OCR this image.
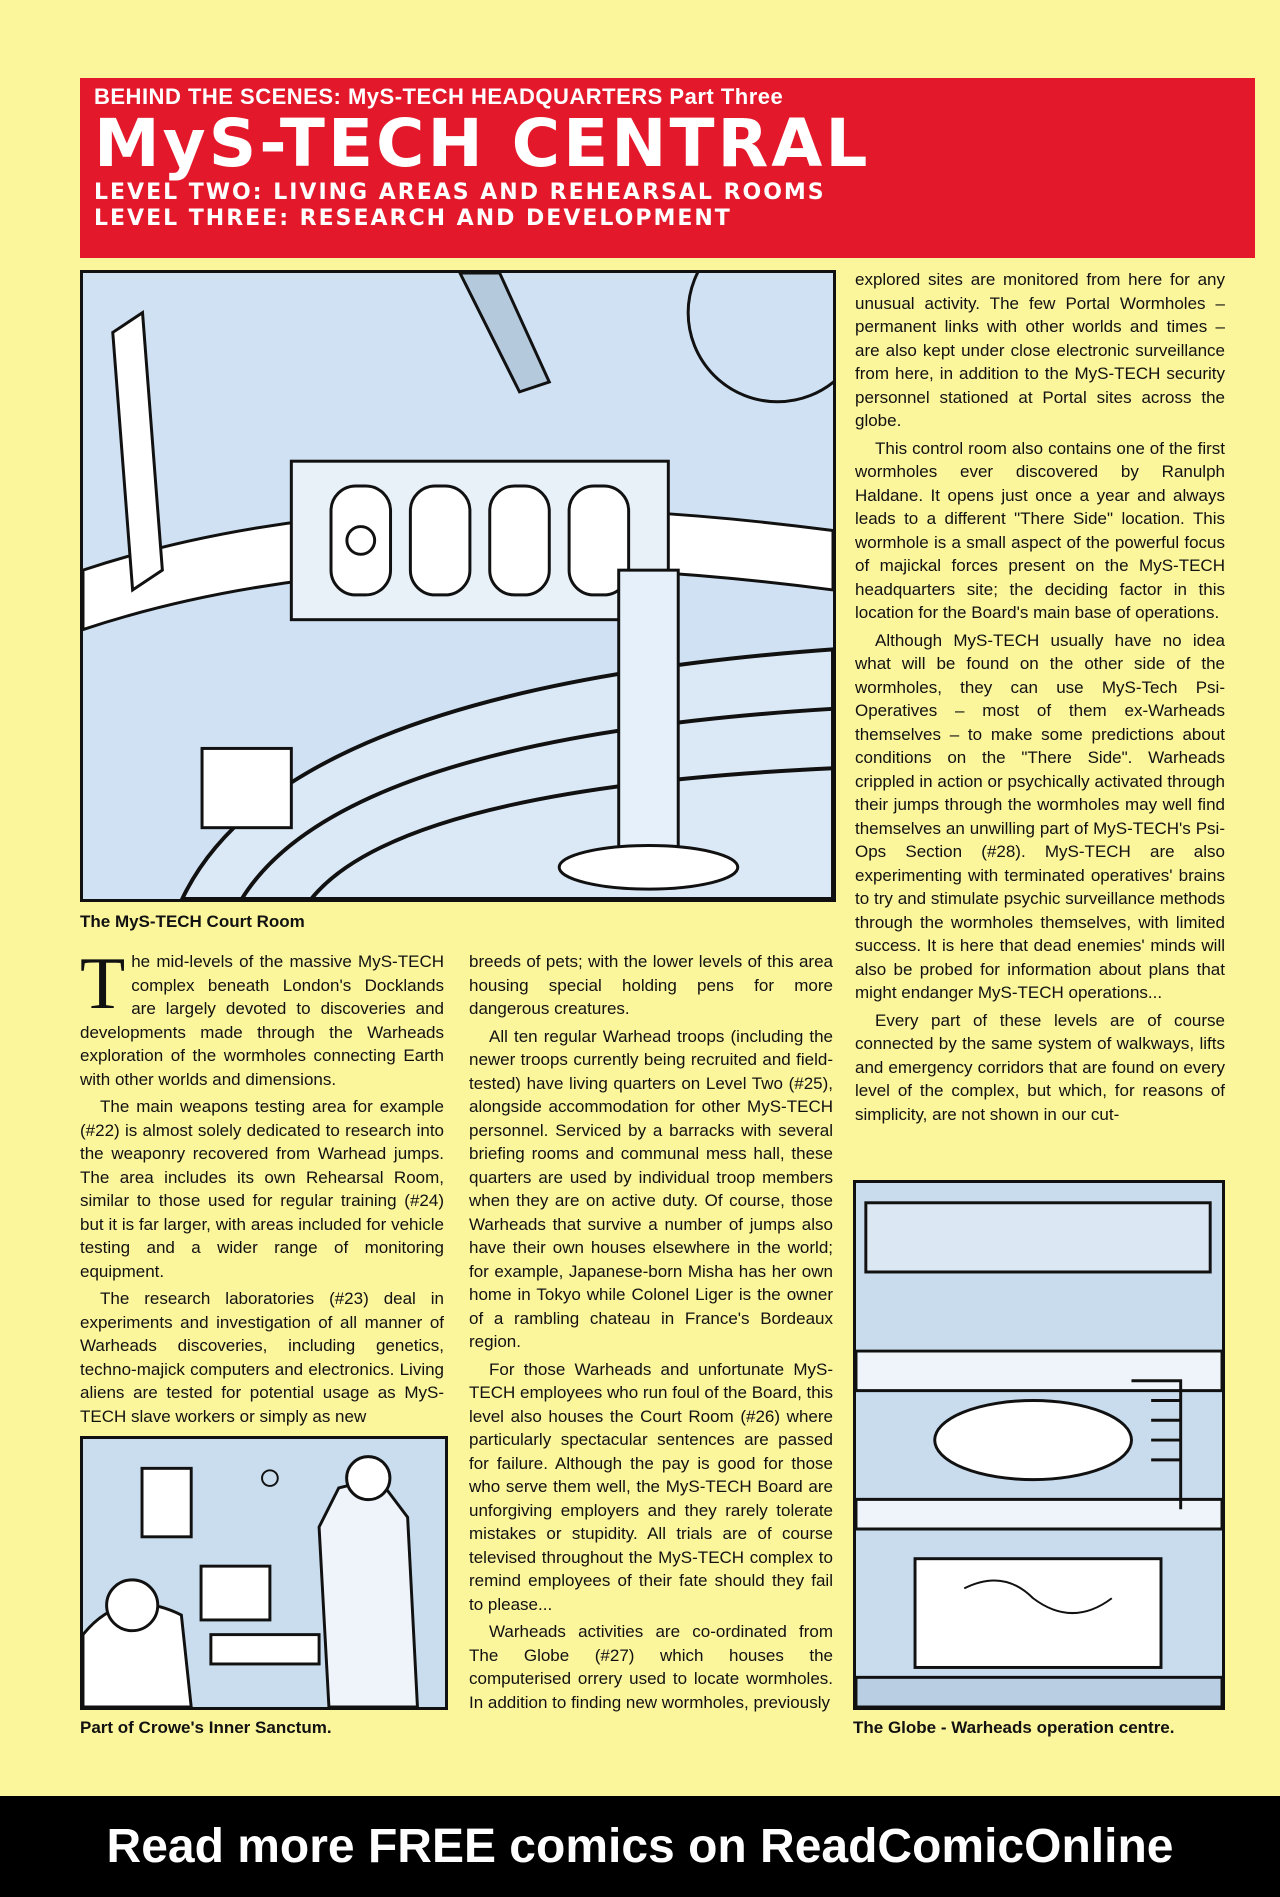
BEHIND THE SCENES: MyS-TECH HEADQUARTERS Part Three
MyS-TECH CENTRAL
LEVEL TWO: LIVING AREAS AND REHEARSAL ROOMS
LEVEL THREE: RESEARCH AND DEVELOPMENT
The MyS-TECH Court Room

The mid-levels of the massive MyS-TECH complex beneath London's Docklands are largely devoted to discoveries and developments made through the Warheads exploration of the wormholes connecting Earth with other worlds and dimensions.

The main weapons testing area for example (#22) is almost solely dedicated to research into the weaponry recovered from Warhead jumps. The area includes its own Rehearsal Room, similar to those used for regular training (#24) but it is far larger, with areas included for vehicle testing and a wider range of monitoring equipment.

The research laboratories (#23) deal in experiments and investigation of all manner of Warheads discoveries, including genetics, techno-majick computers and electronics. Living aliens are tested for potential usage as MyS-TECH slave workers or simply as new

Part of Crowe's Inner Sanctum.

breeds of pets; with the lower levels of this area housing special holding pens for more dangerous creatures.

All ten regular Warhead troops (including the newer troops currently being recruited and field-tested) have living quarters on Level Two (#25), alongside accommodation for other MyS-TECH personnel. Serviced by a barracks with several briefing rooms and communal mess hall, these quarters are used by individual troop members when they are on active duty. Of course, those Warheads that survive a number of jumps also have their own houses elsewhere in the world; for example, Japanese-born Misha has her own home in Tokyo while Colonel Liger is the owner of a rambling chateau in France's Bordeaux region.

For those Warheads and unfortunate MyS-TECH employees who run foul of the Board, this level also houses the Court Room (#26) where particularly spectacular sentences are passed for failure. Although the pay is good for those who serve them well, the MyS-TECH Board are unforgiving employers and they rarely tolerate mistakes or stupidity. All trials are of course televised throughout the MyS-TECH complex to remind employees of their fate should they fail to please...

Warheads activities are co-ordinated from The Globe (#27) which houses the computerised orrery used to locate wormholes. In addition to finding new wormholes, previously

explored sites are monitored from here for any unusual activity. The few Portal Wormholes – permanent links with other worlds and times – are also kept under close electronic surveillance from here, in addition to the MyS-TECH security personnel stationed at Portal sites across the globe.

This control room also contains one of the first wormholes ever discovered by Ranulph Haldane. It opens just once a year and always leads to a different "There Side" location. This wormhole is a small aspect of the powerful focus of majickal forces present on the MyS-TECH headquarters site; the deciding factor in this location for the Board's main base of operations.

Although MyS-TECH usually have no idea what will be found on the other side of the wormholes, they can use MyS-Tech Psi-Operatives – most of them ex-Warheads themselves – to make some predictions about conditions on the "There Side". Warheads crippled in action or psychically activated through their jumps through the wormholes may well find themselves an unwilling part of MyS-TECH's Psi-Ops Section (#28). MyS-TECH are also experimenting with terminated operatives' brains to try and stimulate psychic surveillance methods through the wormholes themselves, with limited success. It is here that dead enemies' minds will also be probed for information about plans that might endanger MyS-TECH operations...

Every part of these levels are of course connected by the same system of walkways, lifts and emergency corridors that are found on every level of the complex, but which, for reasons of simplicity, are not shown in our cut-

The Globe - Warheads operation centre.
Read more FREE comics on ReadComicOnline
